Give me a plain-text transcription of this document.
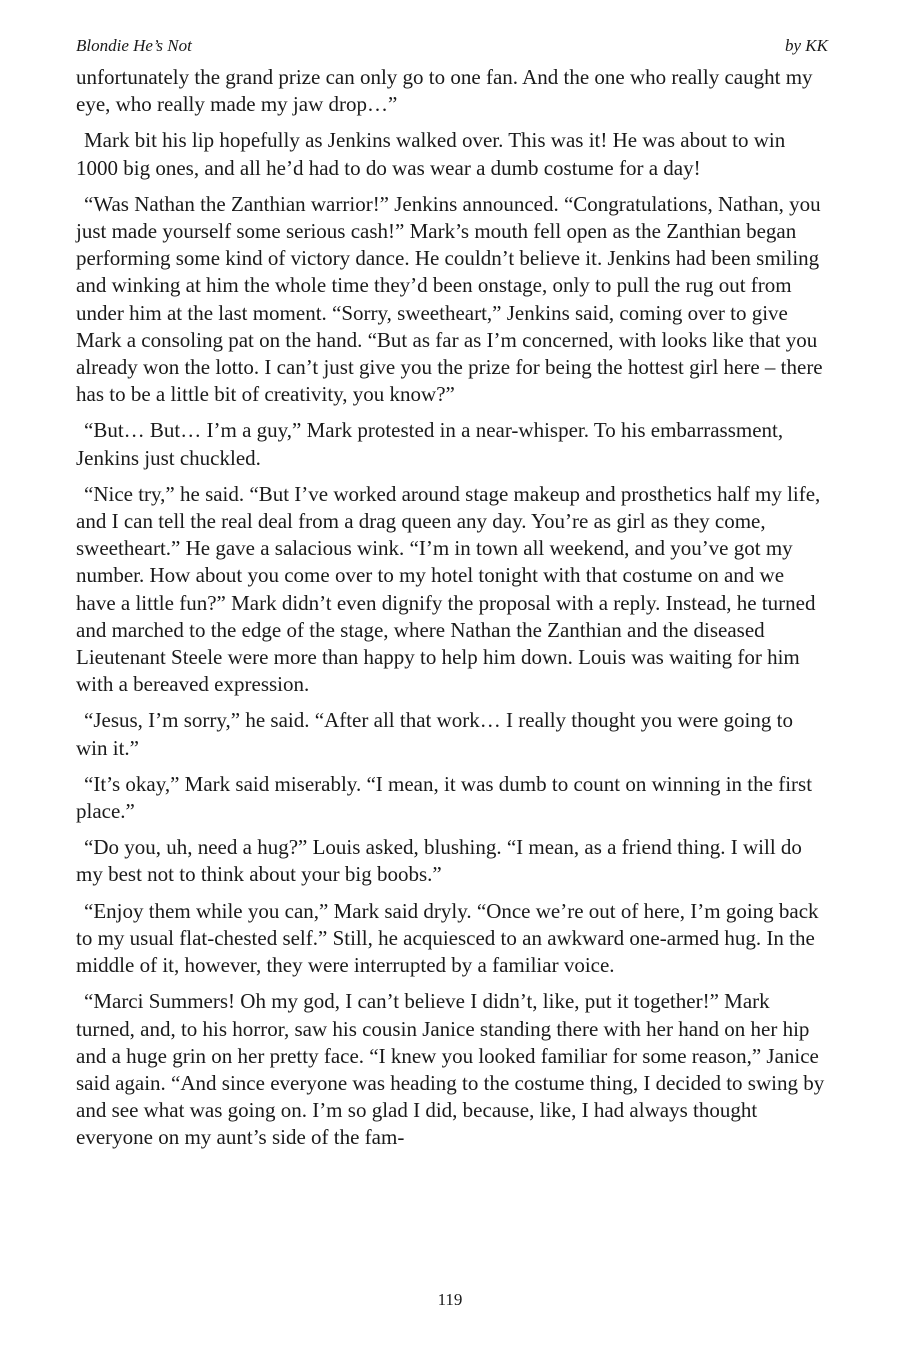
Blondie He’s Not	by KK

unfortunately the grand prize can only go to one fan. And the one who really caught my eye, who really made my jaw drop…”

Mark bit his lip hopefully as Jenkins walked over. This was it! He was about to win 1000 big ones, and all he’d had to do was wear a dumb costume for a day!

“Was Nathan the Zanthian warrior!” Jenkins announced. “Congratulations, Nathan, you just made yourself some serious cash!” Mark’s mouth fell open as the Zanthian began performing some kind of victory dance. He couldn’t believe it. Jenkins had been smiling and winking at him the whole time they’d been onstage, only to pull the rug out from under him at the last moment. “Sorry, sweetheart,” Jenkins said, coming over to give Mark a consoling pat on the hand. “But as far as I’m concerned, with looks like that you already won the lotto. I can’t just give you the prize for being the hottest girl here – there has to be a little bit of creativity, you know?”

“But… But… I’m a guy,” Mark protested in a near-whisper. To his embarrassment, Jenkins just chuckled.

“Nice try,” he said. “But I’ve worked around stage makeup and prosthetics half my life, and I can tell the real deal from a drag queen any day. You’re as girl as they come, sweetheart.” He gave a salacious wink. “I’m in town all weekend, and you’ve got my number. How about you come over to my hotel tonight with that costume on and we have a little fun?” Mark didn’t even dignify the proposal with a reply. Instead, he turned and marched to the edge of the stage, where Nathan the Zanthian and the diseased Lieutenant Steele were more than happy to help him down. Louis was waiting for him with a bereaved expression.

“Jesus, I’m sorry,” he said. “After all that work… I really thought you were going to win it.”

“It’s okay,” Mark said miserably. “I mean, it was dumb to count on winning in the first place.”

“Do you, uh, need a hug?” Louis asked, blushing. “I mean, as a friend thing. I will do my best not to think about your big boobs.”

“Enjoy them while you can,” Mark said dryly. “Once we’re out of here, I’m going back to my usual flat-chested self.” Still, he acquiesced to an awkward one-armed hug. In the middle of it, however, they were interrupted by a familiar voice.

“Marci Summers! Oh my god, I can’t believe I didn’t, like, put it together!” Mark turned, and, to his horror, saw his cousin Janice standing there with her hand on her hip and a huge grin on her pretty face. “I knew you looked familiar for some reason,” Janice said again. “And since everyone was heading to the costume thing, I decided to swing by and see what was going on. I’m so glad I did, because, like, I had always thought everyone on my aunt’s side of the fam-

119
